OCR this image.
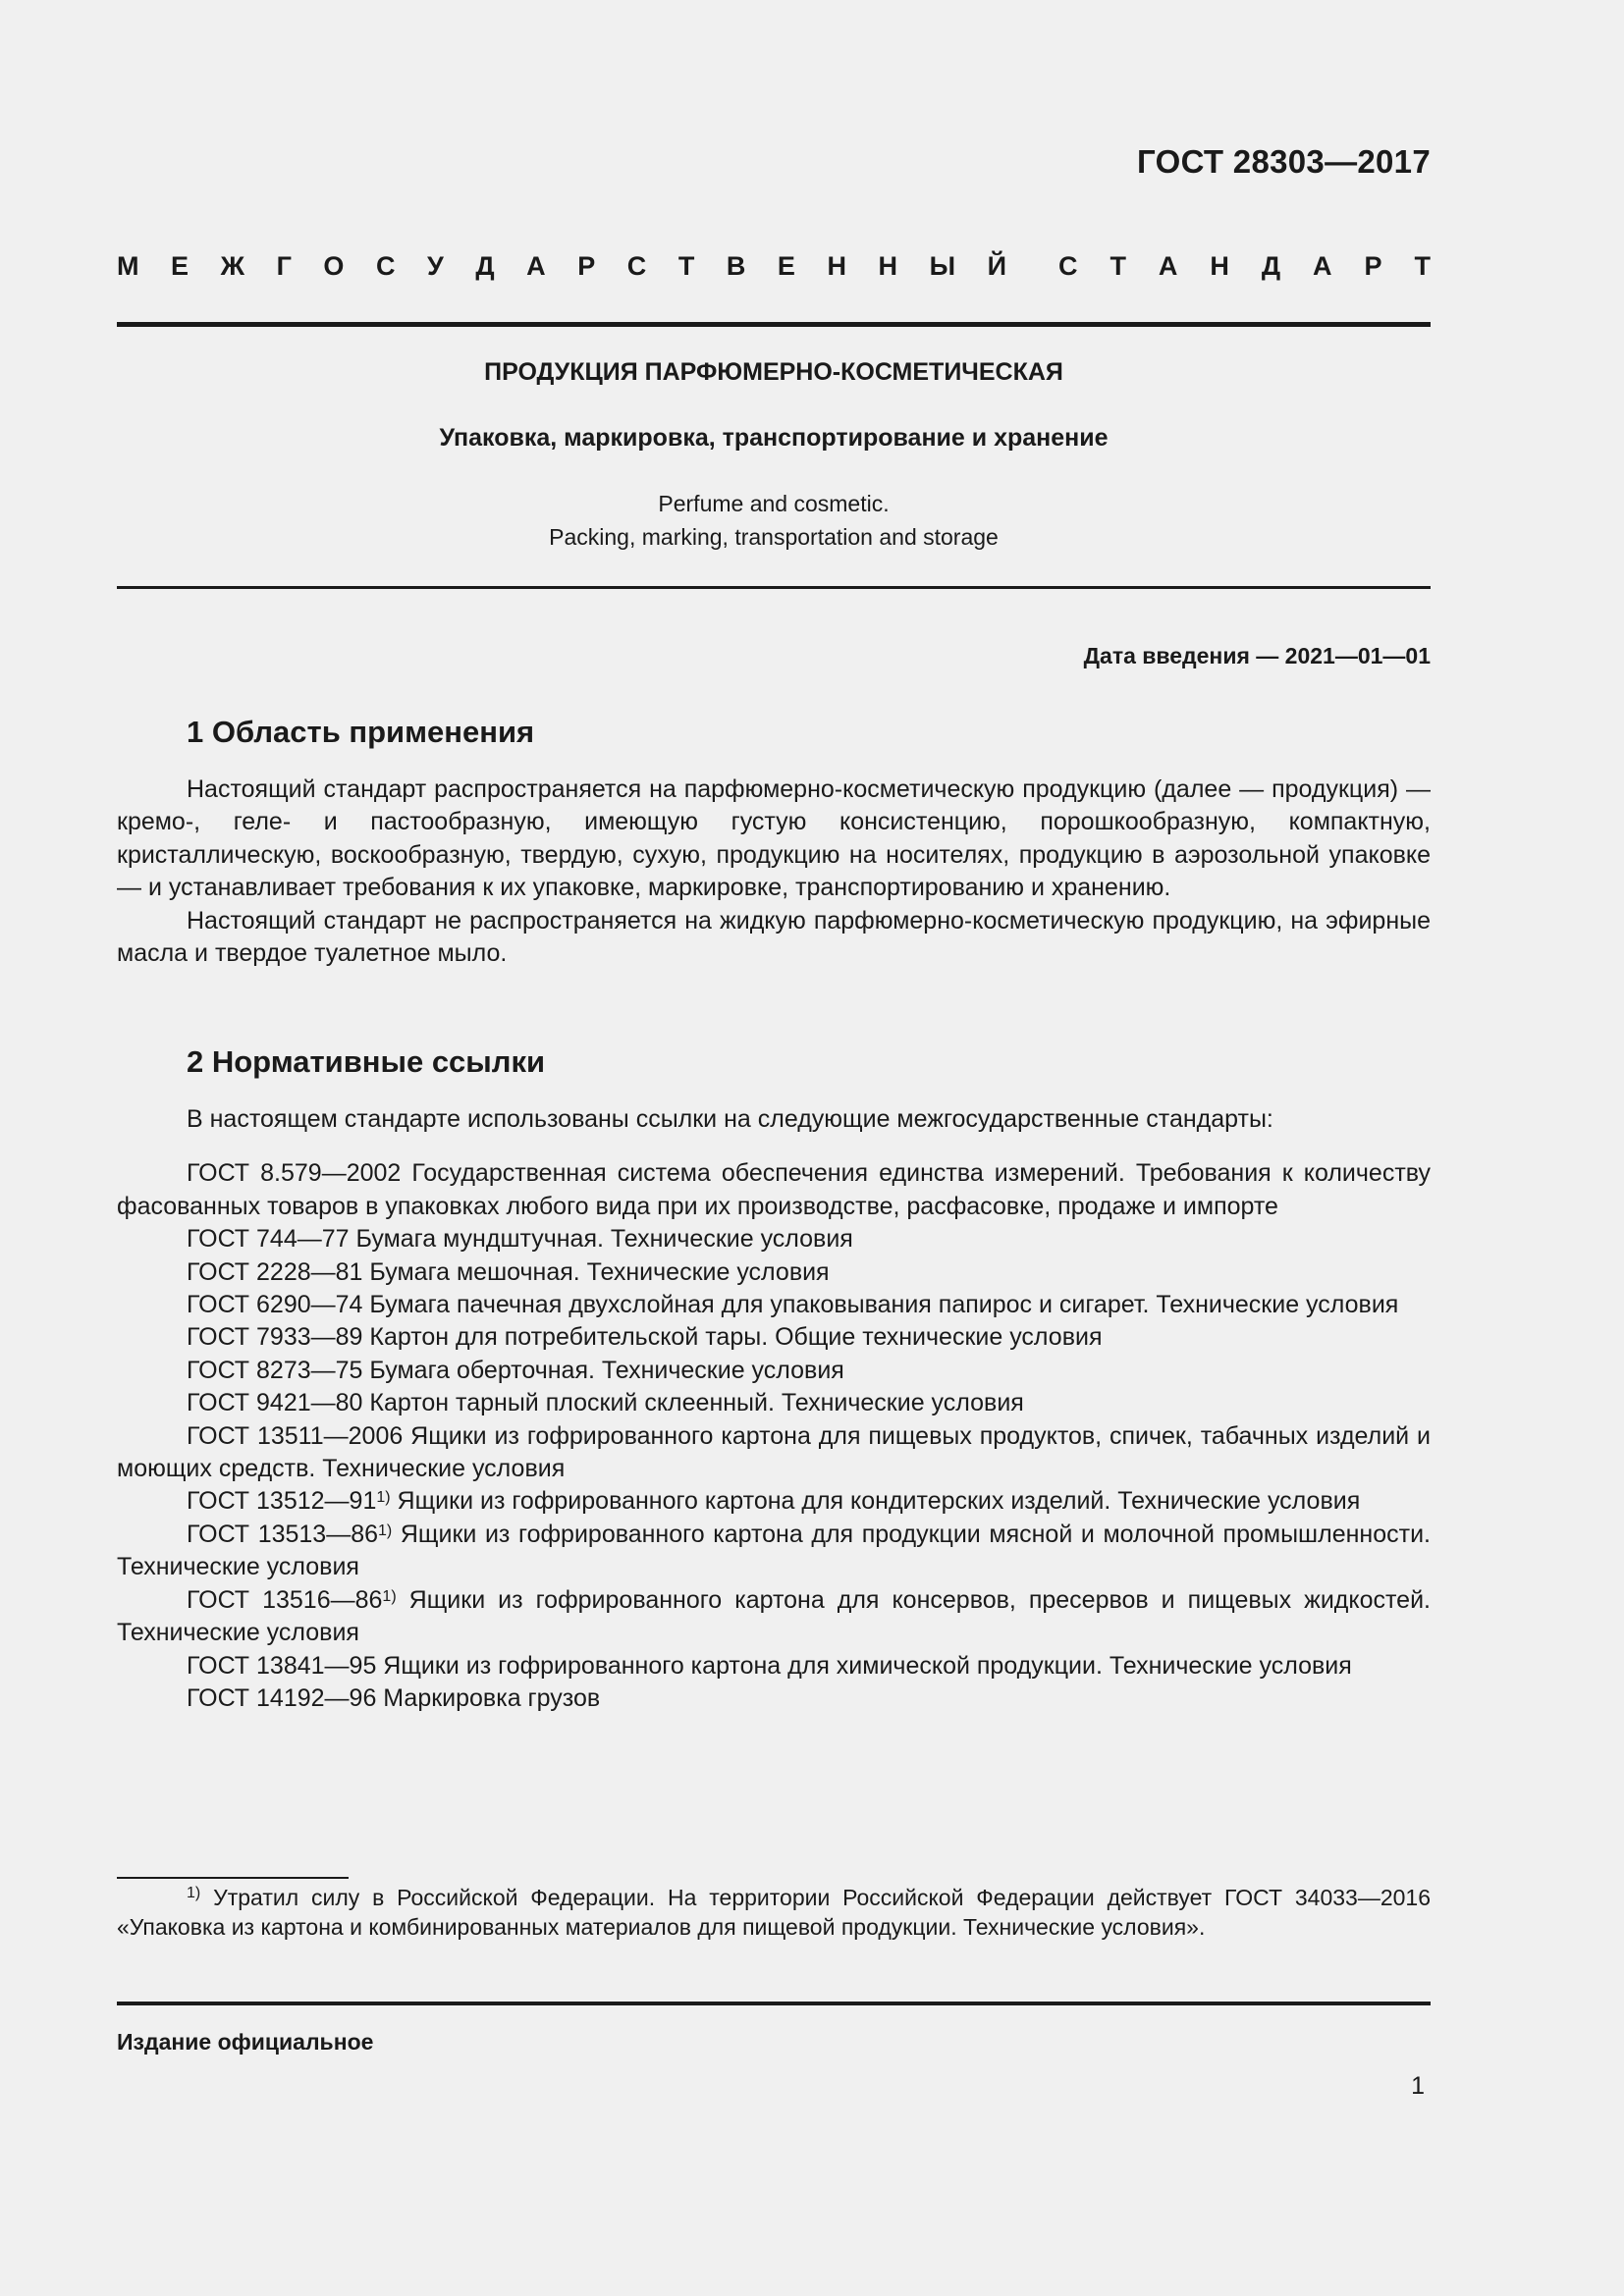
ГОСТ 28303—2017
М Е Ж Г О С У Д А Р С Т В Е Н Н Ы Й С Т А Н Д А Р Т
ПРОДУКЦИЯ ПАРФЮМЕРНО-КОСМЕТИЧЕСКАЯ
Упаковка, маркировка, транспортирование и хранение
Perfume and cosmetic.
Packing, marking, transportation and storage
Дата введения — 2021—01—01
1 Область применения

Настоящий стандарт распространяется на парфюмерно-косметическую продукцию (далее — продукция) — кремо-, геле- и пастообразную, имеющую густую консистенцию, порошкообразную, компактную, кристаллическую, воскообразную, твердую, сухую, продукцию на носителях, продукцию в аэрозольной упаковке — и устанавливает требования к их упаковке, маркировке, транспортированию и хранению.

Настоящий стандарт не распространяется на жидкую парфюмерно-косметическую продукцию, на эфирные масла и твердое туалетное мыло.

2 Нормативные ссылки

В настоящем стандарте использованы ссылки на следующие межгосударственные стандарты:

ГОСТ 8.579—2002 Государственная система обеспечения единства измерений. Требования к количеству фасованных товаров в упаковках любого вида при их производстве, расфасовке, продаже и импорте

ГОСТ 744—77 Бумага мундштучная. Технические условия

ГОСТ 2228—81 Бумага мешочная. Технические условия

ГОСТ 6290—74 Бумага пачечная двухслойная для упаковывания папирос и сигарет. Технические условия

ГОСТ 7933—89 Картон для потребительской тары. Общие технические условия

ГОСТ 8273—75 Бумага оберточная. Технические условия

ГОСТ 9421—80 Картон тарный плоский склеенный. Технические условия

ГОСТ 13511—2006 Ящики из гофрированного картона для пищевых продуктов, спичек, табачных изделий и моющих средств. Технические условия

ГОСТ 13512—91$^{1)}$ Ящики из гофрированного картона для кондитерских изделий. Технические условия

ГОСТ 13513—86$^{1)}$ Ящики из гофрированного картона для продукции мясной и молочной промышленности. Технические условия

ГОСТ 13516—86$^{1)}$ Ящики из гофрированного картона для консервов, пресервов и пищевых жидкостей. Технические условия

ГОСТ 13841—95 Ящики из гофрированного картона для химической продукции. Технические условия

ГОСТ 14192—96 Маркировка грузов

$^{1)}$ Утратил силу в Российской Федерации. На территории Российской Федерации действует ГОСТ 34033—2016 «Упаковка из картона и комбинированных материалов для пищевой продукции. Технические условия».
Издание официальное
1
